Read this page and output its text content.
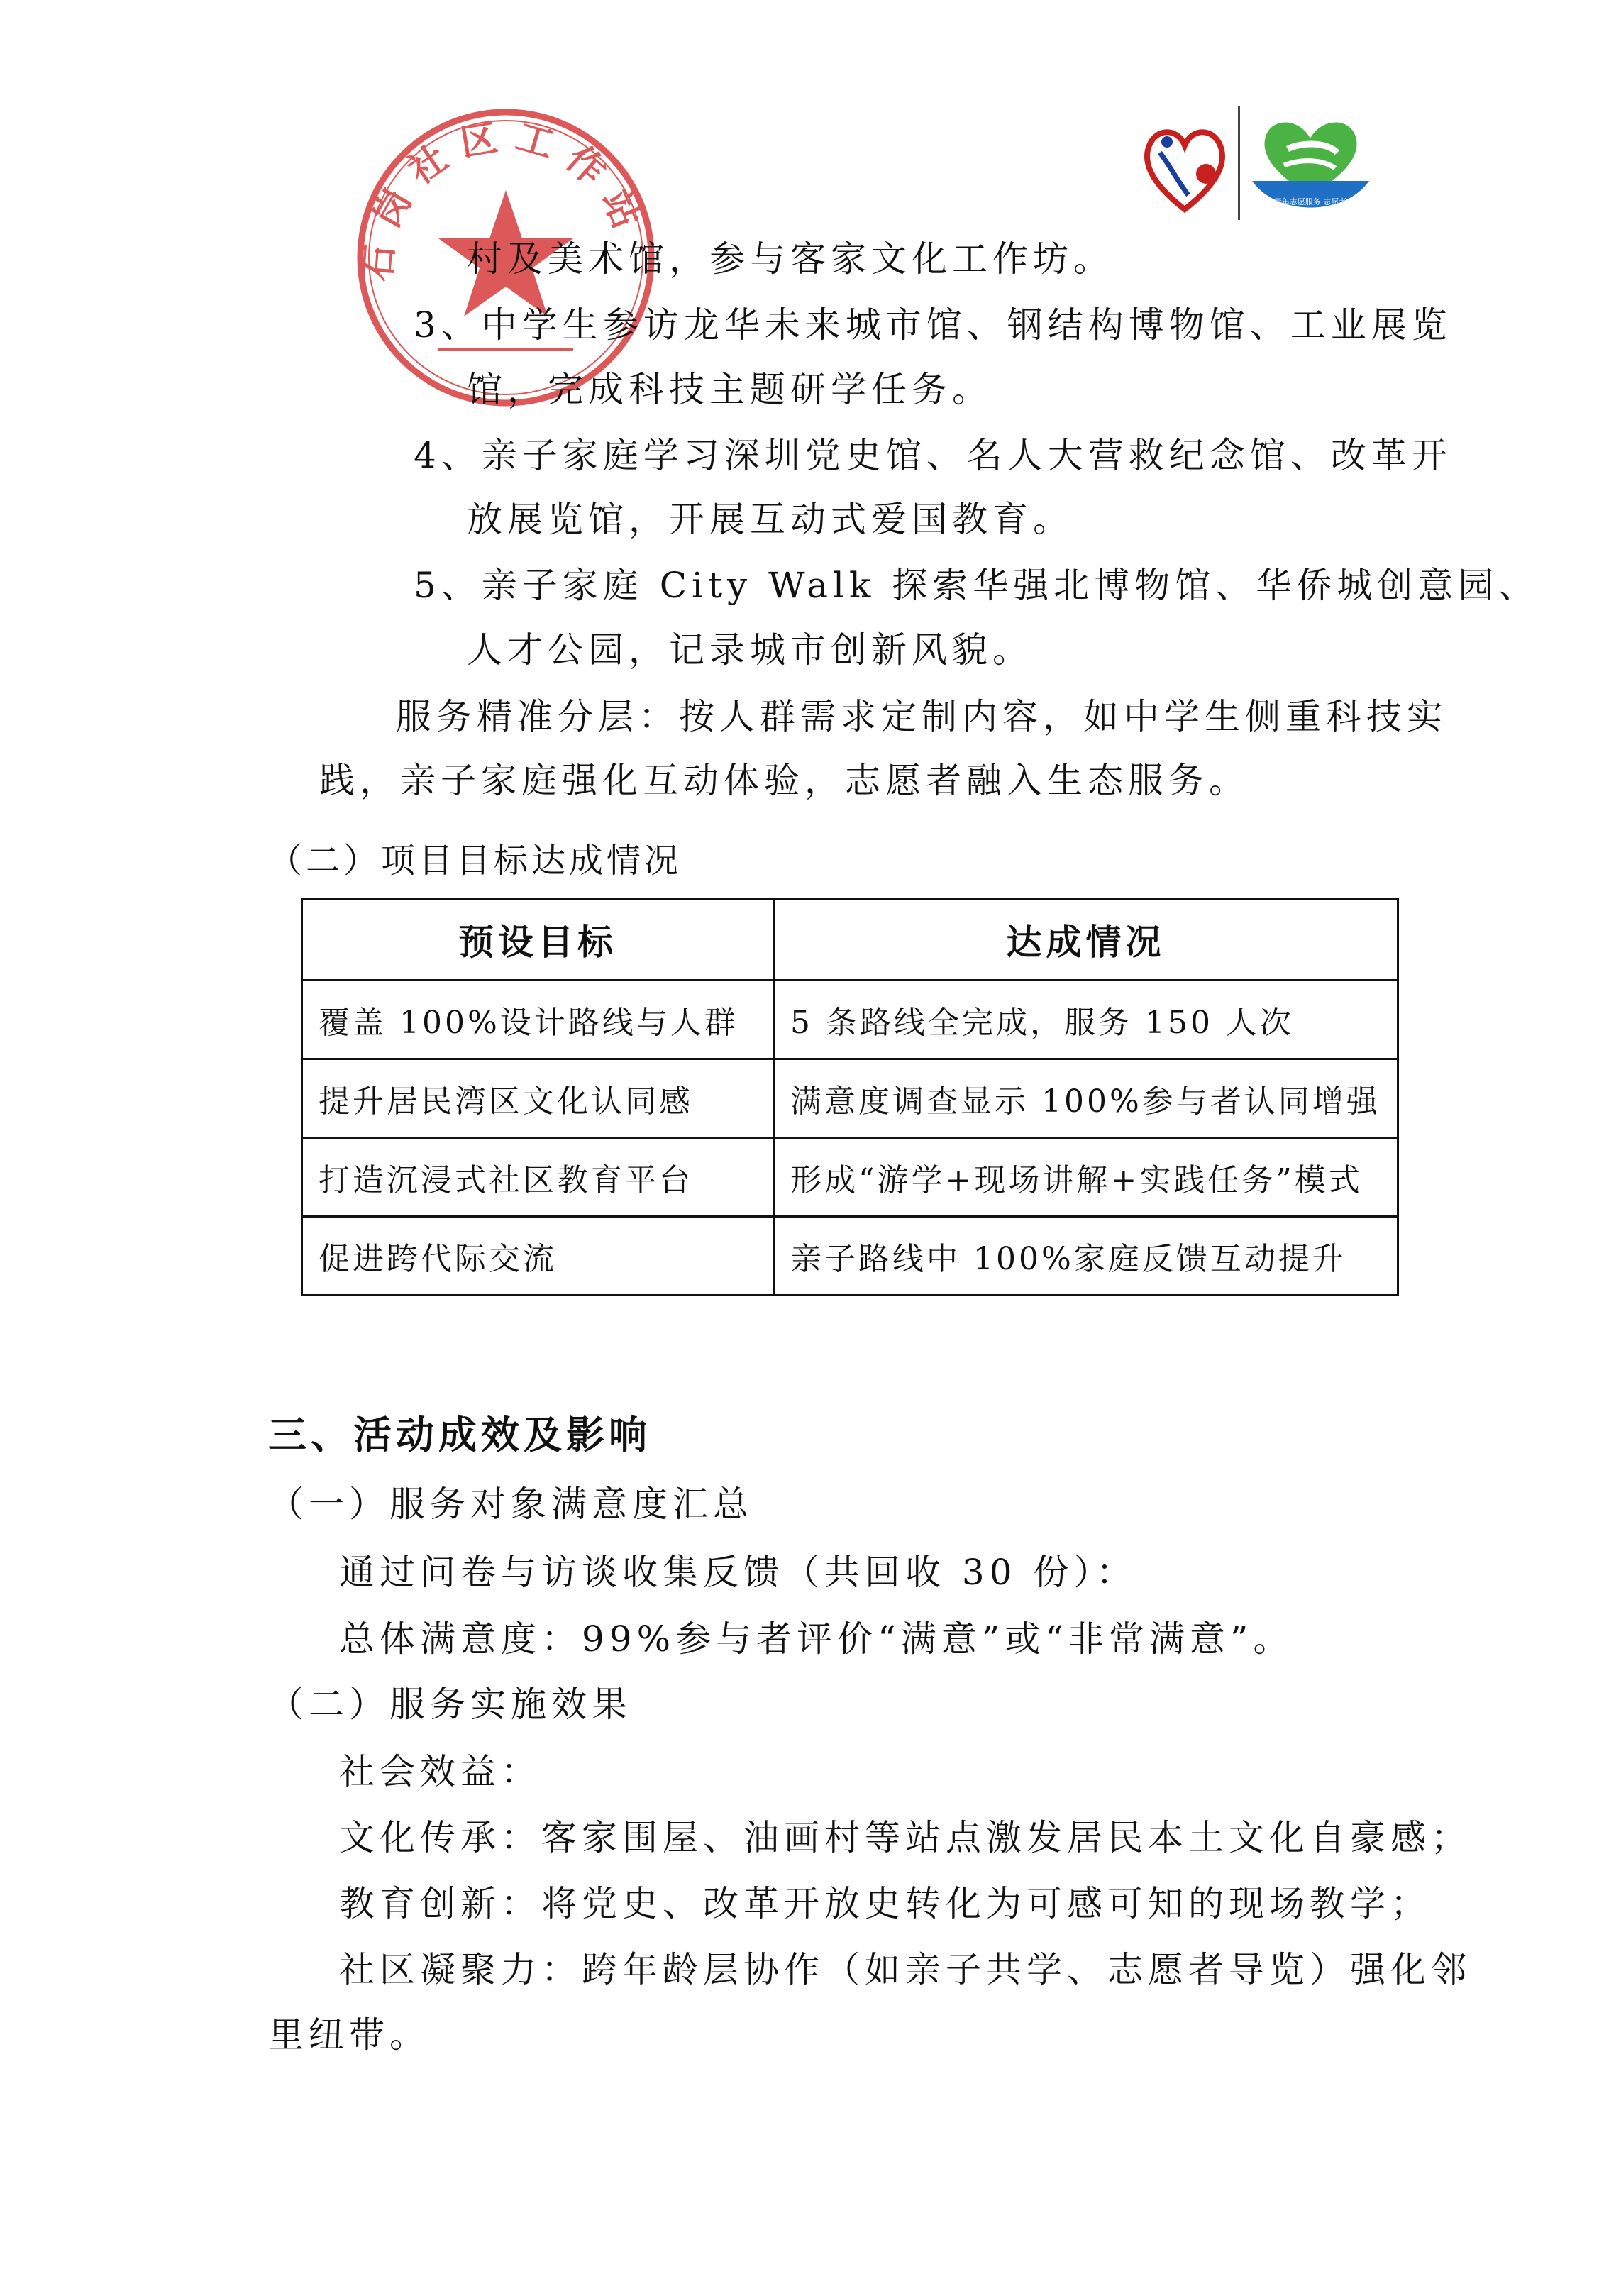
石岗社区工作站	青年志愿服务·志愿者
村及美术馆，参与客家文化工作坊。
3、中学生参访龙华未来城市馆、钢结构博物馆、工业展览
馆，完成科技主题研学任务。
4、亲子家庭学习深圳党史馆、名人大营救纪念馆、改革开
放展览馆，开展互动式爱国教育。
5、亲子家庭 City Walk 探索华强北博物馆、华侨城创意园、
人才公园，记录城市创新风貌。
服务精准分层：按人群需求定制内容，如中学生侧重科技实
践，亲子家庭强化互动体验，志愿者融入生态服务。
（二）项目目标达成情况
预设目标	达成情况
覆盖 100%设计路线与人群	5 条路线全完成，服务 150 人次
提升居民湾区文化认同感	满意度调查显示 100%参与者认同增强
打造沉浸式社区教育平台	形成“游学+现场讲解+实践任务”模式
促进跨代际交流	亲子路线中 100%家庭反馈互动提升
三、活动成效及影响
（一）服务对象满意度汇总
通过问卷与访谈收集反馈（共回收 30 份）：
总体满意度：99%参与者评价“满意”或“非常满意”。
（二）服务实施效果
社会效益：
文化传承：客家围屋、油画村等站点激发居民本土文化自豪感；
教育创新：将党史、改革开放史转化为可感可知的现场教学；
社区凝聚力：跨年龄层协作（如亲子共学、志愿者导览）强化邻
里纽带。
